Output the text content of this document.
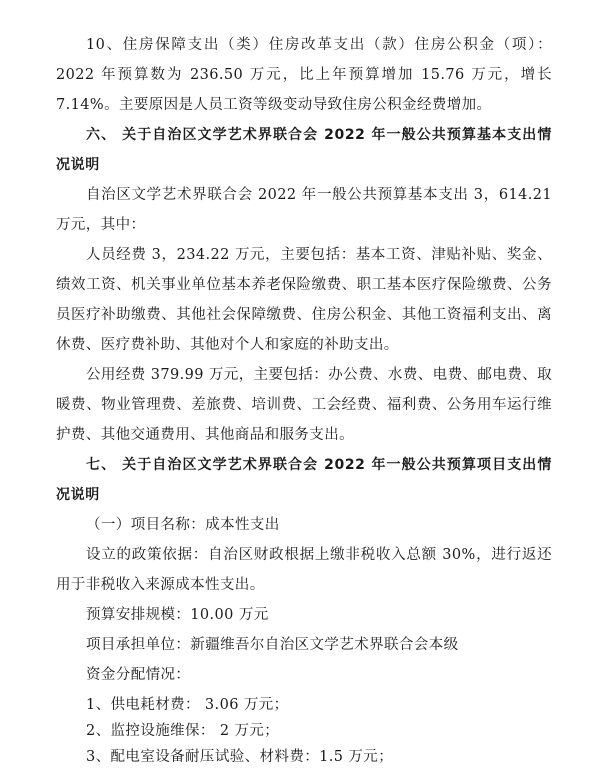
10、住房保障支出（类）住房改革支出（款）住房公积金（项）：2022 年预算数为 236.50 万元，比上年预算增加 15.76 万元，增长 7.14%。主要原因是人员工资等级变动导致住房公积金经费增加。

六、 关于自治区文学艺术界联合会 2022 年一般公共预算基本支出情况说明

自治区文学艺术界联合会 2022 年一般公共预算基本支出 3，614.21 万元，其中：

人员经费 3，234.22 万元，主要包括：基本工资、津贴补贴、奖金、绩效工资、机关事业单位基本养老保险缴费、职工基本医疗保险缴费、公务员医疗补助缴费、其他社会保障缴费、住房公积金、其他工资福利支出、离休费、医疗费补助、其他对个人和家庭的补助支出。

公用经费 379.99 万元，主要包括：办公费、水费、电费、邮电费、取暖费、物业管理费、差旅费、培训费、工会经费、福利费、公务用车运行维护费、其他交通费用、其他商品和服务支出。

七、 关于自治区文学艺术界联合会 2022 年一般公共预算项目支出情况说明

（一）项目名称：成本性支出

设立的政策依据：自治区财政根据上缴非税收入总额 30%，进行返还用于非税收入来源成本性支出。

预算安排规模：10.00 万元

项目承担单位：新疆维吾尔自治区文学艺术界联合会本级

资金分配情况：

1、供电耗材费： 3.06 万元；

2、监控设施维保： 2 万元；

3、配电室设备耐压试验、材料费：1.5 万元；
